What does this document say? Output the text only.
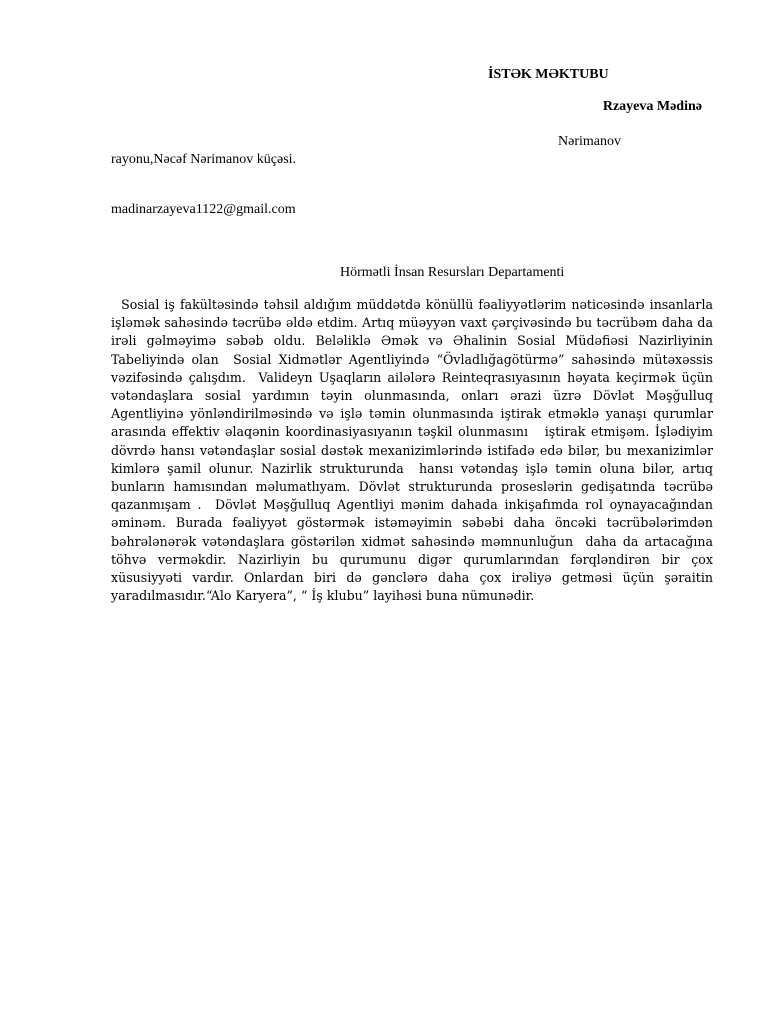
İSTƏK MƏKTUBU
Rzayeva Mədinə
Nərimanov
rayonu,Nəcəf Nərimanov küçəsi.
madinarzayeva1122@gmail.com
Hörmətli İnsan Resursları Departamenti
Sosial iş fakültəsində təhsil aldığım müddətdə könüllü fəaliyyətlərim nəticəsində insanlarla işləmək sahəsində təcrübə əldə etdim. Artıq müəyyən vaxt çərçivəsində bu təcrübəm daha da irəli gəlməyimə səbəb oldu. Beləliklə Əmək və Əhalinin Sosial Müdəfiəsi Nazirliyinin Tabeliyində olan  Sosial Xidmətlər Agentliyində “Övladlığagötürmə” sahəsində mütəxəssis vəzifəsində çalışdım.  Valideyn Uşaqların ailələrə Reinteqrasıyasının həyata keçirmək üçün vətəndaşlara sosial yardımın təyin olunmasında, onları ərazi üzrə Dövlət Məşğulluq Agentliyinə yönləndirilməsində və işlə təmin olunmasında iştirak etməklə yanaşı qurumlar arasında effektiv əlaqənin koordinasiyasıyanın təşkil olunmasını   iştirak etmişəm. İşlədiyim dövrdə hansı vətəndaşlar sosial dəstək mexanizimlərində istifadə edə bilər, bu mexanizimlər kimlərə şamil olunur. Nazirlik strukturunda  hansı vətəndaş işlə təmin oluna bilər, artıq bunların hamısından məlumatlıyam. Dövlət strukturunda proseslərin gedişatında təcrübə qazanmışam .  Dövlət Məşğulluq Agentliyi mənim dahada inkişafımda rol oynayacağından əminəm. Burada fəaliyyət göstərmək istəməyimin səbəbi daha öncəki təcrübələrimdən bəhrələnərək vətəndaşlara göstərilən xidmət sahəsində məmnunluğun  daha da artacağına töhvə verməkdir. Nazirliyin bu qurumunu digər qurumlarından fərqləndirən bir çox xüsusiyyəti vardır. Onlardan biri də gənclərə daha çox irəliyə getməsi üçün şəraitin yaradılmasıdır.“Alo Karyera”, “ İş klubu” layihəsi buna nümunədir.
